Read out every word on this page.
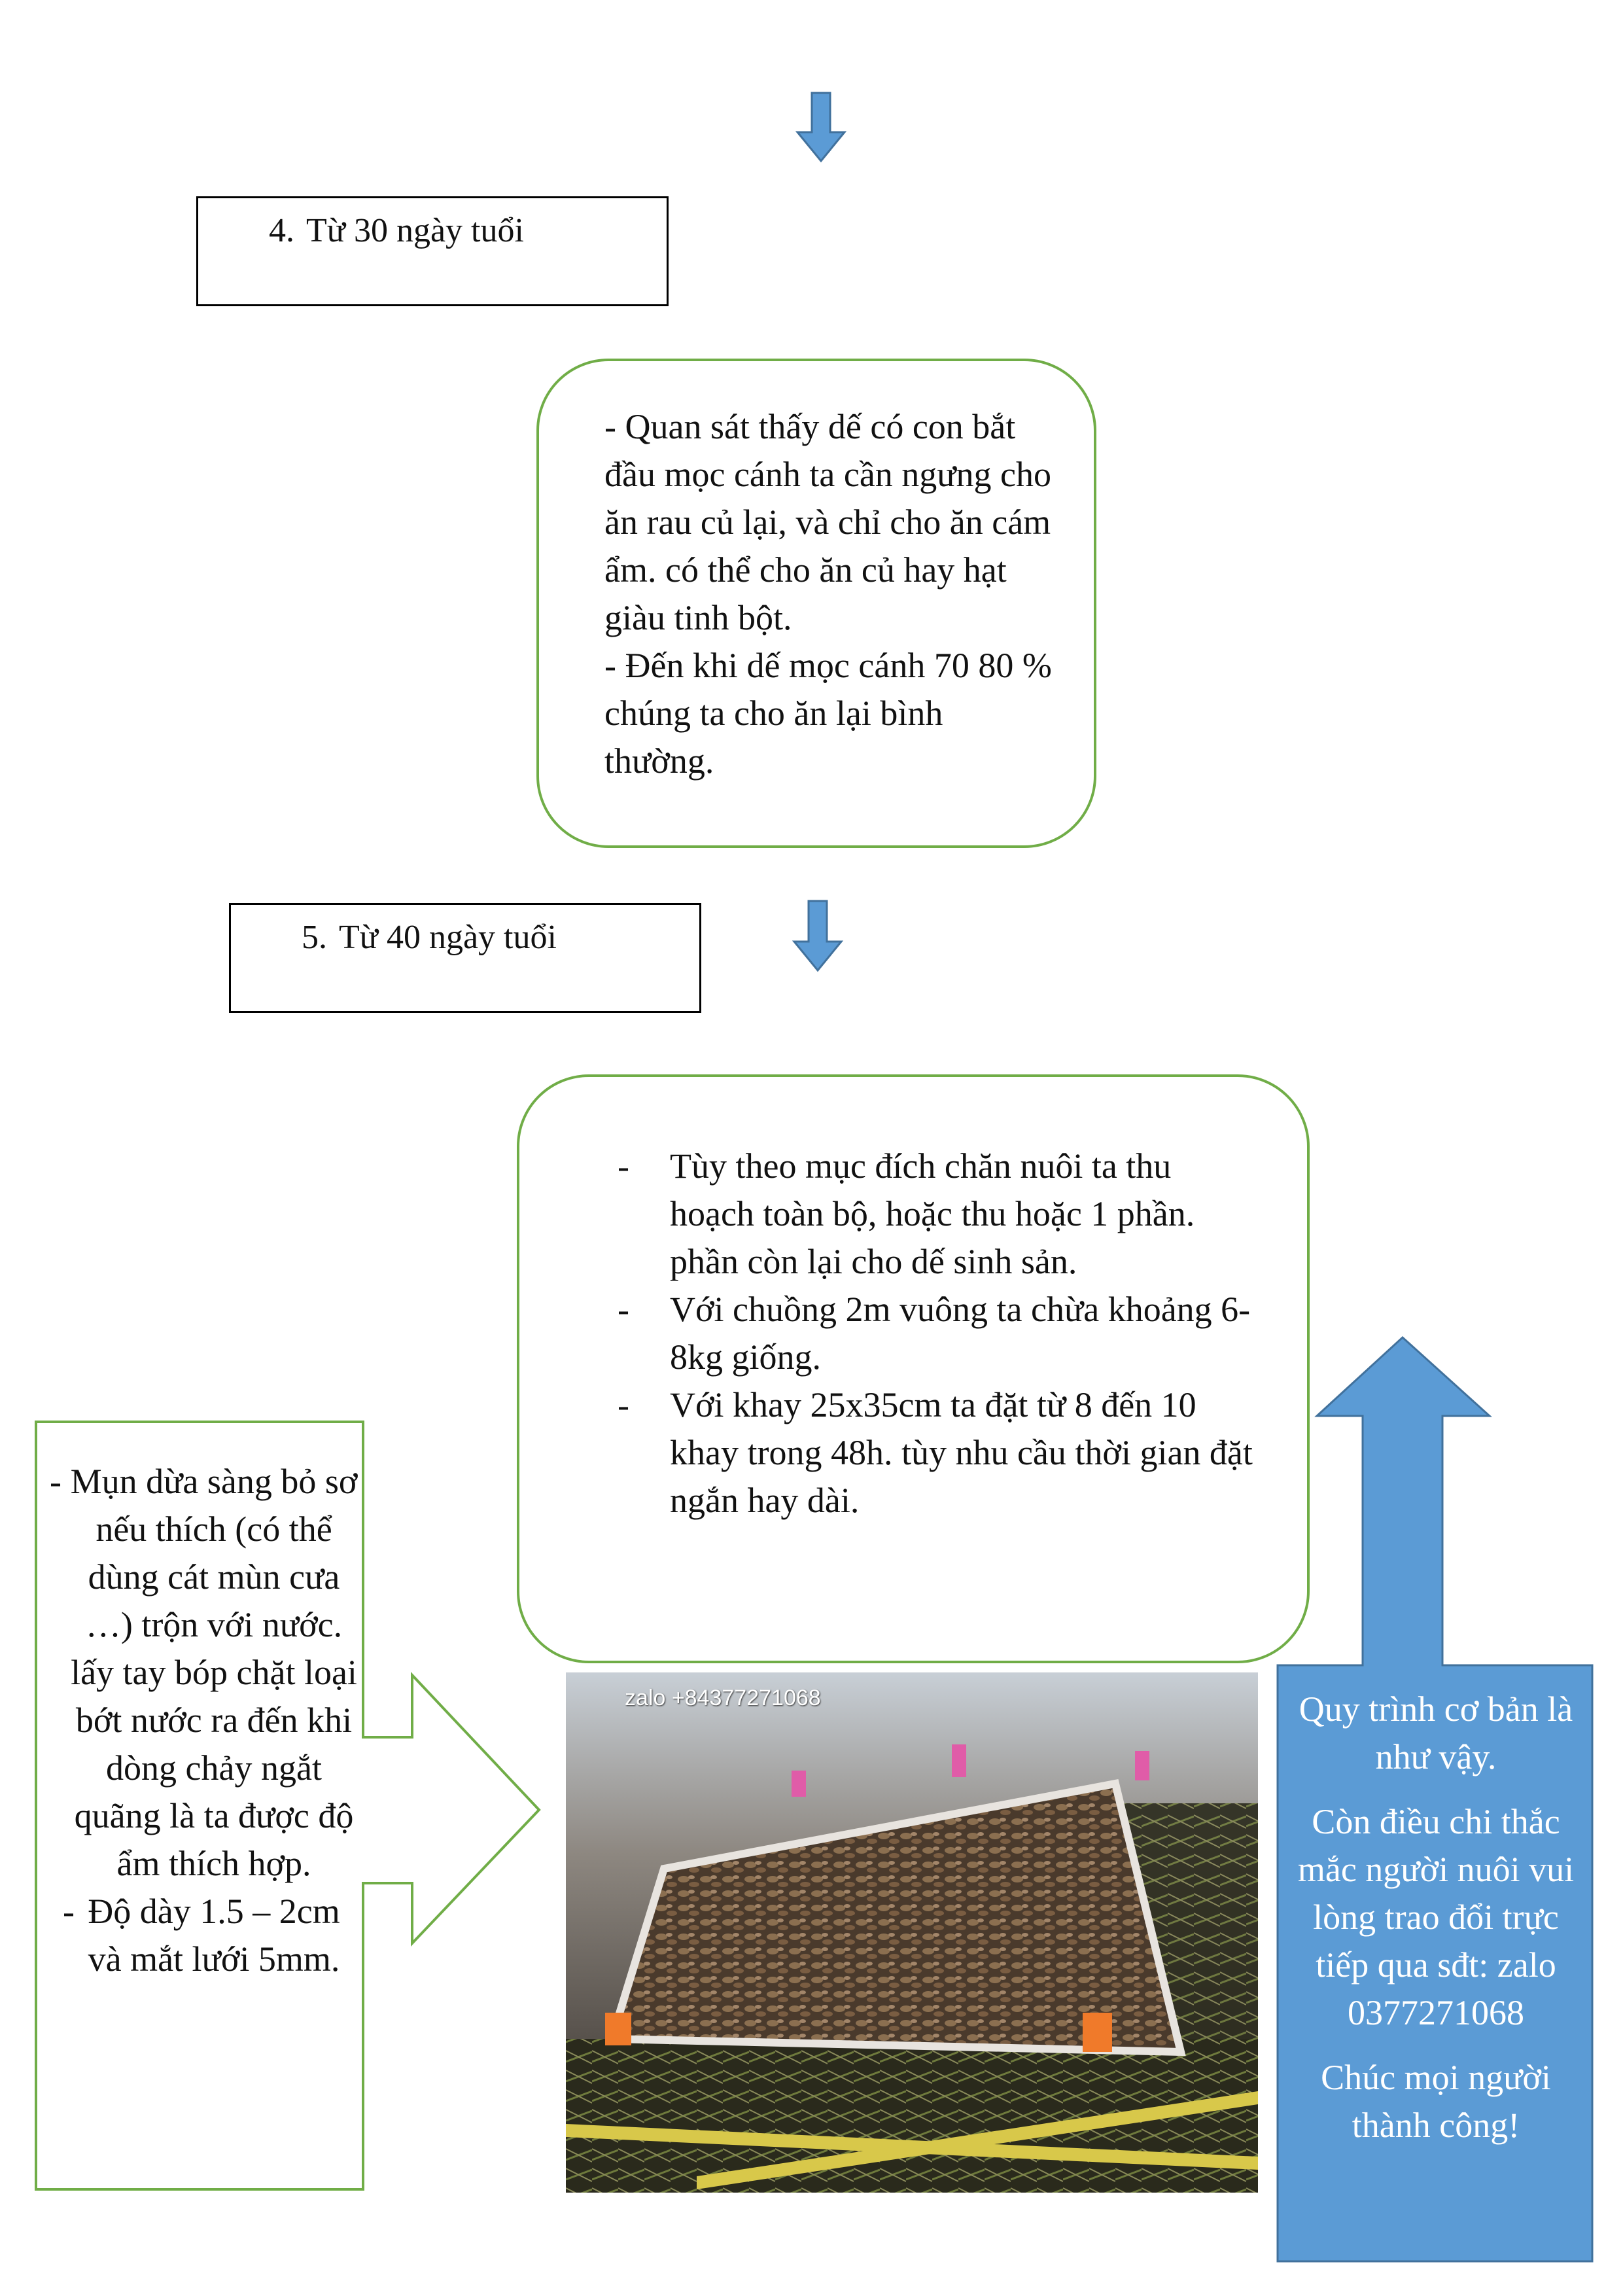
4. Từ 30 ngày tuổi
- Quan sát thấy dế có con bắt đầu mọc cánh ta cần ngưng cho ăn rau củ lại, và chỉ cho ăn cám ẩm. có thể cho ăn củ hay hạt giàu tinh bột.
- Đến khi dế mọc cánh 70 80 % chúng ta cho ăn lại bình thường.
5. Từ 40 ngày tuổi
- Tùy theo mục đích chăn nuôi ta thu hoạch toàn bộ, hoặc thu hoặc 1 phần. phần còn lại cho dế sinh sản.
- Với chuồng 2m vuông ta chừa khoảng 6-8kg giống.
- Với khay 25x35cm ta đặt từ 8 đến 10 khay trong 48h. tùy nhu cầu thời gian đặt ngắn hay dài.
- Mụn dừa sàng bỏ sơ nếu thích (có thể dùng cát mùn cưa …) trộn với nước. lấy tay bóp chặt loại bớt nước ra đến khi dòng chảy ngắt quãng là ta được độ ẩm thích hợp.
- Độ dày 1.5 – 2cm và mắt lưới 5mm.
zalo +84377271068	Quy trình cơ bản là như vậy.

Còn điều chi thắc mắc người nuôi vui lòng trao đổi trực tiếp qua sđt: zalo 0377271068

Chúc mọi người thành công!
